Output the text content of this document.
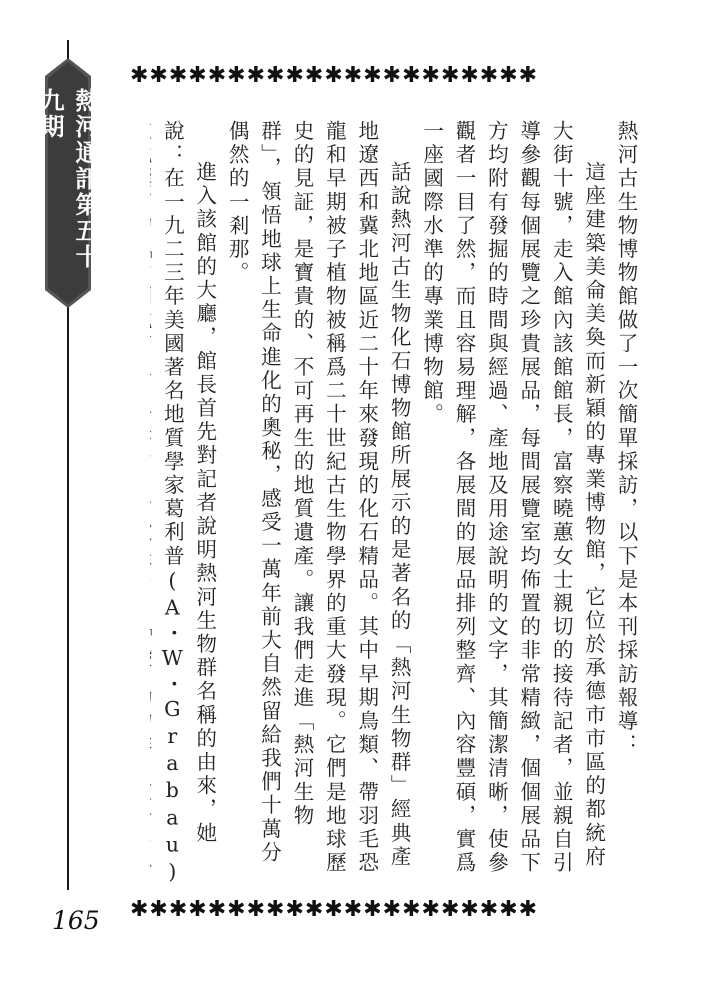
熱河通訊第五十九期
✱✱✱✱✱✱✱✱✱✱✱✱✱✱✱✱✱✱✱✱✱

熱河古生物博物館做了一次簡單採訪，以下是本刊採訪報導：

這座建築美侖美奐而新穎的專業博物館，它位於承德市市區的都統府大街十號，走入館內該館館長，富察曉蕙女士親切的接待記者，並親自引導參觀每個展覽之珍貴展品，每間展覽室均佈置的非常精緻，個個展品下方均附有發掘的時間與經過、產地及用途說明的文字，其簡潔清晰，使參觀者一目了然，而且容易理解，各展間的展品排列整齊、內容豐碩，實爲一座國際水準的專業博物館。

話說熱河古生物化石博物館所展示的是著名的「熱河生物群」經典產地遼西和冀北地區近二十年來發現的化石精品。其中早期鳥類、帶羽毛恐龍和早期被子植物被稱爲二十世紀古生物學界的重大發現。它們是地球歷史的見証，是寶貴的、不可再生的地質遺產。讓我們走進「熱河生物群」，領悟地球上生命進化的奧秘，感受一萬年前大自然留給我們十萬分偶然的一剎那。

進入該館的大廳，館長首先對記者說明熱河生物群名稱的由來，她說：在一九二三年美國著名地質學家葛利普(A・W・Grabau)

✱✱✱✱✱✱✱✱✱✱✱✱✱✱✱✱✱✱✱✱✱
165
